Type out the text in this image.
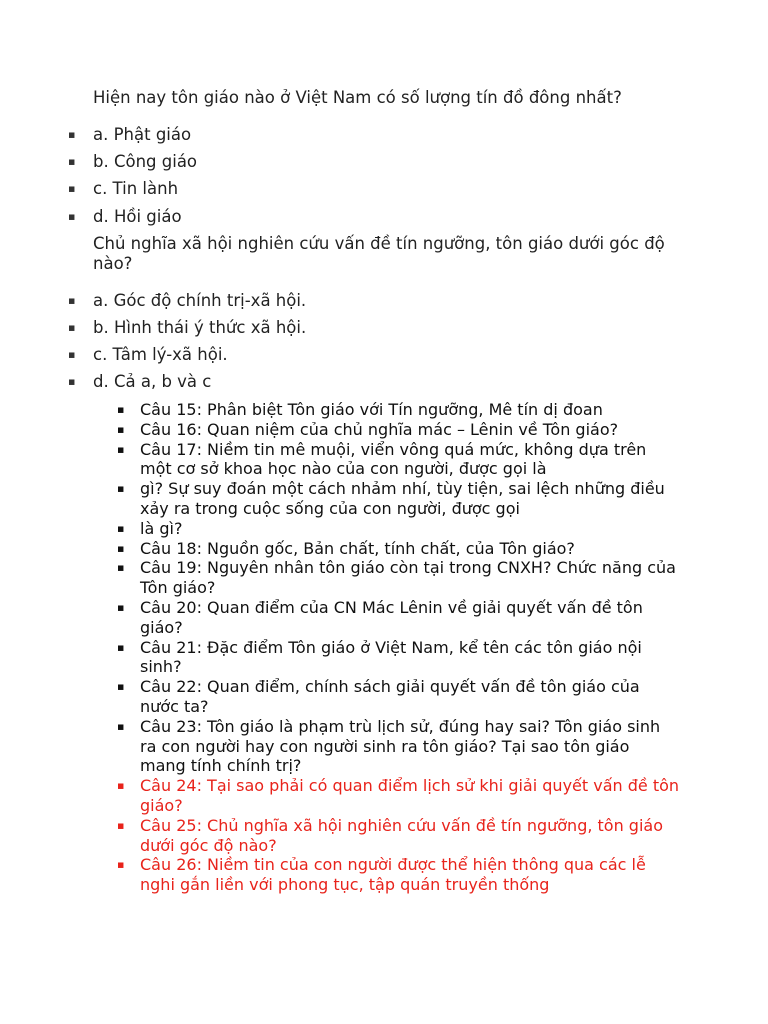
Hiện nay tôn giáo nào ở Việt Nam có số lượng tín đồ đông nhất?

▪ a. Phật giáo
▪ b. Công giáo
▪ c. Tin lành
▪ d. Hồi giáo

Chủ nghĩa xã hội nghiên cứu vấn đề tín ngưỡng, tôn giáo dưới góc độ nào?

▪ a. Góc độ chính trị-xã hội.
▪ b. Hình thái ý thức xã hội.
▪ c. Tâm lý-xã hội.
▪ d. Cả a, b và c
▪ Câu 15: Phân biệt Tôn giáo với Tín ngưỡng, Mê tín dị đoan
▪ Câu 16: Quan niệm của chủ nghĩa mác – Lênin về Tôn giáo?
▪ Câu 17: Niềm tin mê muội, viển vông quá mức, không dựa trên một cơ sở khoa học nào của con người, được gọi là
▪ gì? Sự suy đoán một cách nhảm nhí, tùy tiện, sai lệch những điều xảy ra trong cuộc sống của con người, được gọi
▪ là gì?
▪ Câu 18: Nguồn gốc, Bản chất, tính chất, của Tôn giáo?
▪ Câu 19: Nguyên nhân tôn giáo còn tại trong CNXH? Chức năng của Tôn giáo?
▪ Câu 20: Quan điểm của CN Mác Lênin về giải quyết vấn đề tôn giáo?
▪ Câu 21: Đặc điểm Tôn giáo ở Việt Nam, kể tên các tôn giáo nội sinh?
▪ Câu 22: Quan điểm, chính sách giải quyết vấn đề tôn giáo của nước ta?
▪ Câu 23: Tôn giáo là phạm trù lịch sử, đúng hay sai? Tôn giáo sinh ra con người hay con người sinh ra tôn giáo? Tại sao tôn giáo mang tính chính trị?
▪ Câu 24: Tại sao phải có quan điểm lịch sử khi giải quyết vấn đề tôn giáo?
▪ Câu 25: Chủ nghĩa xã hội nghiên cứu vấn đề tín ngưỡng, tôn giáo dưới góc độ nào?
▪ Câu 26: Niềm tin của con người được thể hiện thông qua các lễ nghi gắn liền với phong tục, tập quán truyền thống
